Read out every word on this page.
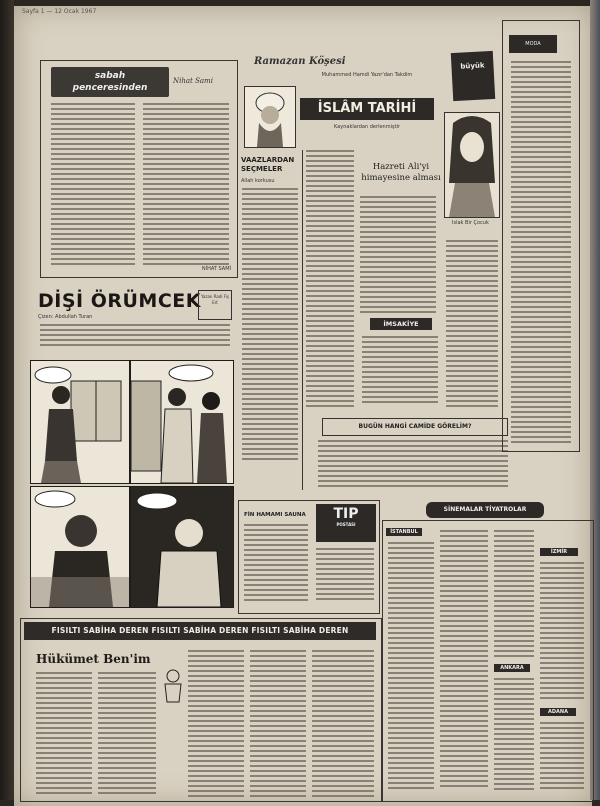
Sayfa 1 — 12 Ocak 1967
sabah
penceresinden
Nihat Sami
NİHAT SAMİ
DİŞİ ÖRÜMCEK
Çizen: Abdullah Turan
Yazan Radi Fiş Ert
Ramazan Köşesi
Muhammed Hamdi Yazır'dan Takdim
İSLÂM TARİHİ
Kaynaklardan derlenmiştir
VAAZLARDAN SEÇMELER
Allah korkusu
Hazreti Ali'yi himayesine alması
büyük
Islak Bir Çocuk
İMSAKİYE
BUGÜN HANGİ CAMİDE GÖRELİM?
MODA
FİN HAMAMI SAUNA	TIP
POSTASI
SİNEMALAR TİYATROLAR
İSTANBUL
İZMİR
ANKARA
ADANA
FISILTI SABİHA DEREN FISILTI SABİHA DEREN FISILTI SABİHA DEREN
Hükümet Ben'im
